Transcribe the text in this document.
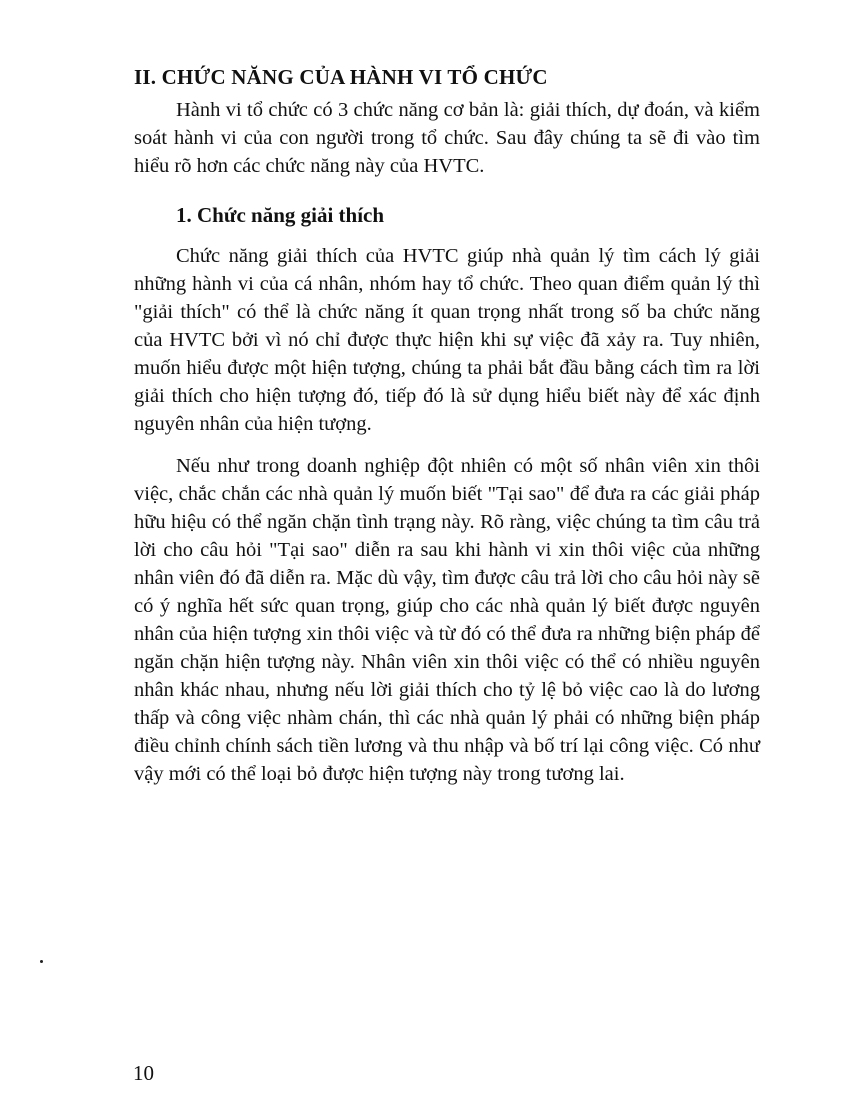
II. CHỨC NĂNG CỦA HÀNH VI TỔ CHỨC

Hành vi tổ chức có 3 chức năng cơ bản là: giải thích, dự đoán, và kiểm soát hành vi của con người trong tổ chức. Sau đây chúng ta sẽ đi vào tìm hiểu rõ hơn các chức năng này của HVTC.

1. Chức năng giải thích

Chức năng giải thích của HVTC giúp nhà quản lý tìm cách lý giải những hành vi của cá nhân, nhóm hay tổ chức. Theo quan điểm quản lý thì "giải thích" có thể là chức năng ít quan trọng nhất trong số ba chức năng của HVTC bởi vì nó chỉ được thực hiện khi sự việc đã xảy ra. Tuy nhiên, muốn hiểu được một hiện tượng, chúng ta phải bắt đầu bằng cách tìm ra lời giải thích cho hiện tượng đó, tiếp đó là sử dụng hiểu biết này để xác định nguyên nhân của hiện tượng.

Nếu như trong doanh nghiệp đột nhiên có một số nhân viên xin thôi việc, chắc chắn các nhà quản lý muốn biết "Tại sao" để đưa ra các giải pháp hữu hiệu có thể ngăn chặn tình trạng này. Rõ ràng, việc chúng ta tìm câu trả lời cho câu hỏi "Tại sao" diễn ra sau khi hành vi xin thôi việc của những nhân viên đó đã diễn ra. Mặc dù vậy, tìm được câu trả lời cho câu hỏi này sẽ có ý nghĩa hết sức quan trọng, giúp cho các nhà quản lý biết được nguyên nhân của hiện tượng xin thôi việc và từ đó có thể đưa ra những biện pháp để ngăn chặn hiện tượng này. Nhân viên xin thôi việc có thể có nhiều nguyên nhân khác nhau, nhưng nếu lời giải thích cho tỷ lệ bỏ việc cao là do lương thấp và công việc nhàm chán, thì các nhà quản lý phải có những biện pháp điều chỉnh chính sách tiền lương và thu nhập và bố trí lại công việc. Có như vậy mới có thể loại bỏ được hiện tượng này trong tương lai.

10
